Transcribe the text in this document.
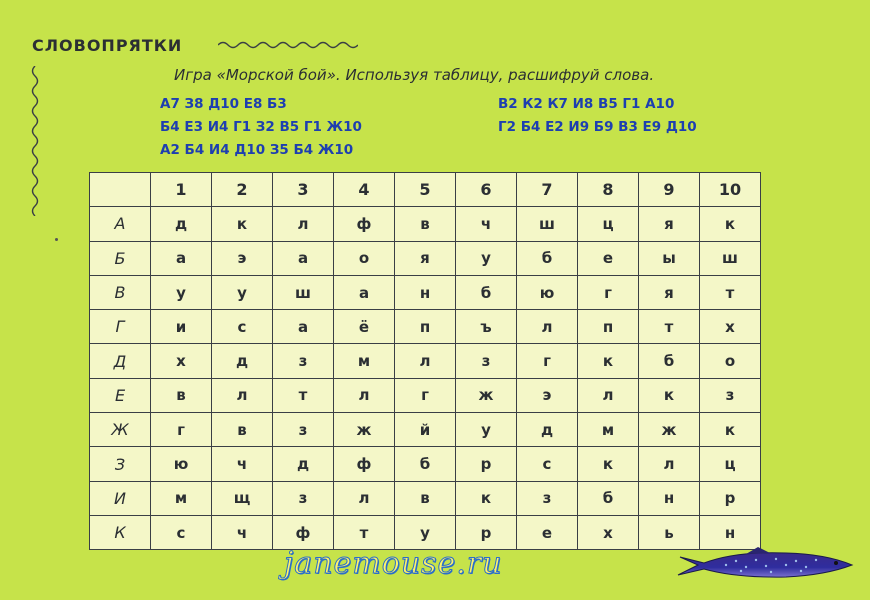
СЛОВОПРЯТКИ
Игра «Морской бой». Используя таблицу, расшифруй слова.
А7 З8 Д10 Е8 Б3
Б4 Е3 И4 Г1 З2 В5 Г1 Ж10
А2 Б4 И4 Д10 З5 Б4 Ж10
В2 К2 К7 И8 В5 Г1 А10
Г2 Б4 Е2 И9 Б9 В3 Е9 Д10
	1	2	3	4	5	6	7	8	9	10
А	д	к	л	ф	в	ч	ш	ц	я	к
Б	а	э	а	о	я	у	б	е	ы	ш
В	у	у	ш	а	н	б	ю	г	я	т
Г	и	с	а	ё	п	ъ	л	п	т	х
Д	х	д	з	м	л	з	г	к	б	о
Е	в	л	т	л	г	ж	э	л	к	з
Ж	г	в	з	ж	й	у	д	м	ж	к
З	ю	ч	д	ф	б	р	с	к	л	ц
И	м	щ	з	л	в	к	з	б	н	р
К	с	ч	ф	т	у	р	е	х	ь	н
janemouse.ru
